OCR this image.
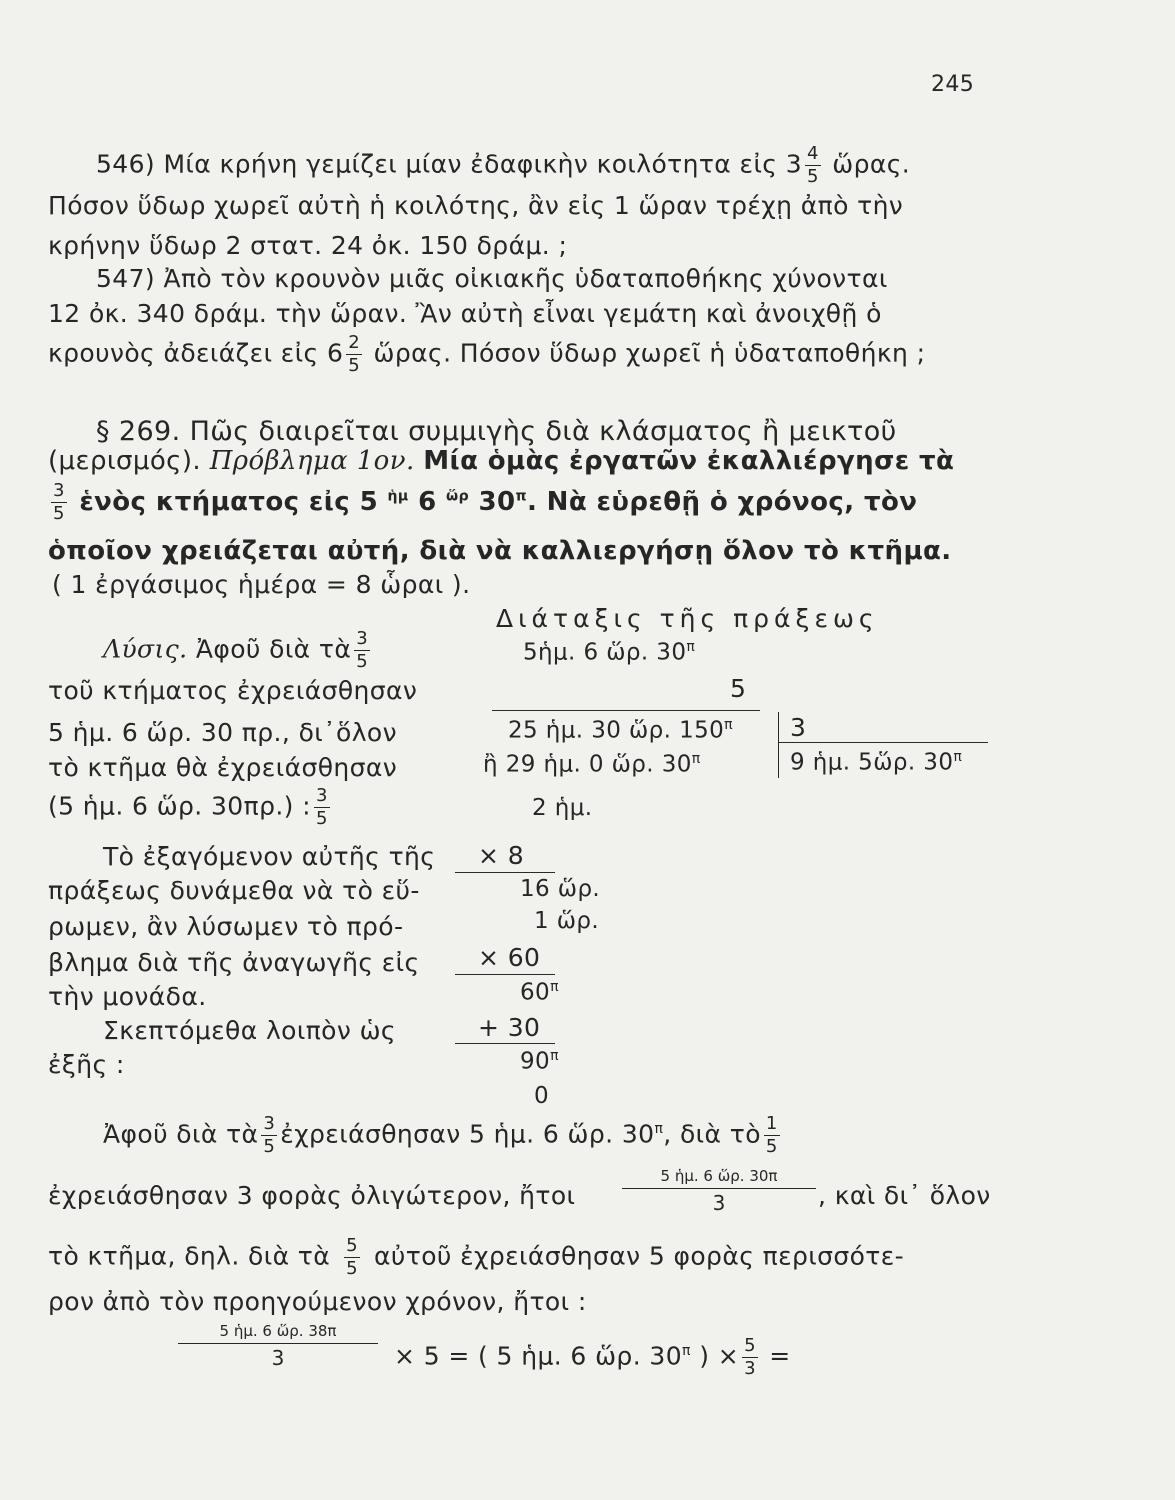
245
546) Μία κρήνη γεμίζει μίαν ἐδαφικὴν κοιλότητα εἰς $3 \frac{4}{5}$ ὥρας.
Πόσον ὕδωρ χωρεῖ αὐτὴ ἡ κοιλότης, ἂν εἰς 1 ὥραν τρέχῃ ἀπὸ τὴν
κρήνην ὕδωρ 2 στατ. 24 ὀκ. 150 δράμ. ;
547) Ἀπὸ τὸν κρουνὸν μιᾶς οἰκιακῆς ὑδαταποθήκης χύνονται
12 ὀκ. 340 δράμ. τὴν ὥραν. Ἂν αὐτὴ εἶναι γεμάτη καὶ ἀνοιχθῇ ὁ
κρουνὸς ἀδειάζει εἰς $6 \frac{2}{5}$ ὥρας. Πόσον ὕδωρ χωρεῖ ἡ ὑδαταποθήκη ;
§ 269. Πῶς διαιρεῖται συμμιγὴς διὰ κλάσματος ἢ μεικτοῦ
(μερισμός). Πρόβλημα 1ον. Μία ὁμὰς ἐργατῶν ἐκαλλιέργησε τὰ
$\frac{3}{5}$ ἑνὸς κτήματος εἰς 5 $^{ἡ\mu}$ 6 $^{ὥ\rho}$ $30^\pi$. Νὰ εὑρεθῇ ὁ χρόνος, τὸν
ὁποῖον χρειάζεται αὐτή, διὰ νὰ καλλιεργήσῃ ὅλον τὸ κτῆμα.
( 1 ἐργάσιμος ἡμέρα = 8 ὧραι ).
Διάταξις τῆς πράξεως
Λύσις. Ἀφοῦ διὰ τὰ $\frac{3}{5}$
τοῦ κτήματος ἐχρειάσθησαν
5 ἡμ. 6 ὥρ. 30 πρ., δι᾽ὅλον
τὸ κτῆμα θὰ ἐχρειάσθησαν
(5 ἡμ. 6 ὥρ. 30πρ.) : $\frac{3}{5}$
Τὸ ἐξαγόμενον αὐτῆς τῆς
πράξεως δυνάμεθα νὰ τὸ εὕ-
ρωμεν, ἂν λύσωμεν τὸ πρό-
βλημα διὰ τῆς ἀναγωγῆς εἰς
τὴν μονάδα.
Σκεπτόμεθα λοιπὸν ὡς
ἐξῆς :
5ἡμ. 6 ὥρ. $30^\pi$
5
25 ἡμ. 30 ὥρ. $150^\pi$
ἢ 29 ἡμ. 0 ὥρ. $30^\pi$
2 ἡμ.
× 8
16 ὥρ.
1 ὥρ.
× 60
$60^\pi$
+ 30
$90^\pi$
0
3
9 ἡμ. 5ὥρ. $30^\pi$
Ἀφοῦ διὰ τὰ $\frac{3}{5}$ ἐχρειάσθησαν 5 ἡμ. 6 ὥρ. $30^\pi$, διὰ τὸ $\frac{1}{5}$
ἐχρειάσθησαν 3 φορὰς ὀλιγώτερον, ἤτοι
5 ἡμ. 6 ὥρ. 30π
3	, καὶ δι᾽ ὅλον
τὸ κτῆμα, δηλ. διὰ τὰ $\frac{5}{5}$ αὐτοῦ ἐχρειάσθησαν 5 φορὰς περισσότε-
ρον ἀπὸ τὸν προηγούμενον χρόνον, ἤτοι :
5 ἡμ. 6 ὥρ. 38π
3	× 5 = ( 5 ἡμ. 6 ὥρ. $30^\pi$ ) × $\frac{5}{3}$ =
